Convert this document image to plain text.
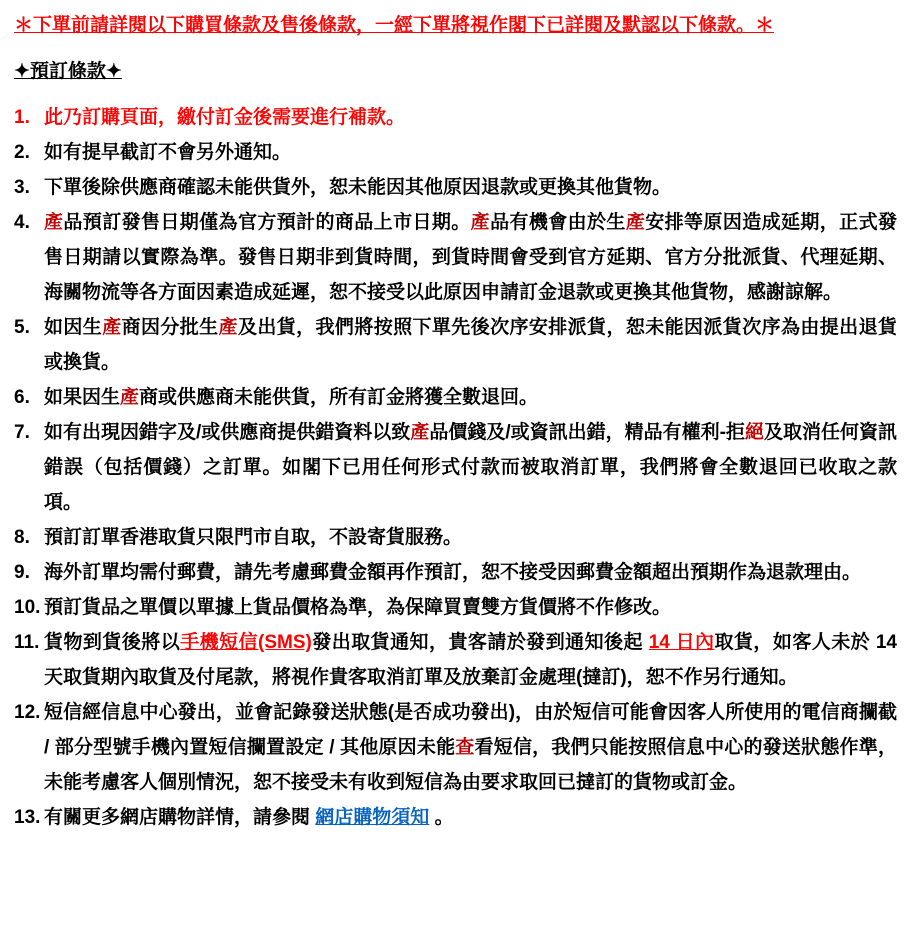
＊下單前請詳閱以下購買條款及售後條款，一經下單將視作閣下已詳閱及默認以下條款。＊
✦預訂條款✦
1. 此乃訂購頁面，繳付訂金後需要進行補款。
2. 如有提早截訂不會另外通知。
3. 下單後除供應商確認未能供貨外，恕未能因其他原因退款或更換其他貨物。
4. 產品預訂發售日期僅為官方預計的商品上市日期。產品有機會由於生產安排等原因造成延期，正式發售日期請以實際為準。發售日期非到貨時間，到貨時間會受到官方延期、官方分批派貨、代理延期、海關物流等各方面因素造成延遲，恕不接受以此原因申請訂金退款或更換其他貨物，感謝諒解。
5. 如因生產商因分批生產及出貨，我們將按照下單先後次序安排派貨，恕未能因派貨次序為由提出退貨或換貨。
6. 如果因生產商或供應商未能供貨，所有訂金將獲全數退回。
7. 如有出現因錯字及/或供應商提供錯資料以致產品價錢及/或資訊出錯，精品有權利-拒絕及取消任何資訊錯誤（包括價錢）之訂單。如閣下已用任何形式付款而被取消訂單，我們將會全數退回已收取之款項。
8. 預訂訂單香港取貨只限門市自取，不設寄貨服務。
9. 海外訂單均需付郵費，請先考慮郵費金額再作預訂，恕不接受因郵費金額超出預期作為退款理由。
10. 預訂貨品之單價以單據上貨品價格為準，為保障買賣雙方貨價將不作修改。
11. 貨物到貨後將以手機短信(SMS)發出取貨通知，貴客請於發到通知後起 14 日內取貨，如客人未於 14 天取貨期內取貨及付尾款，將視作貴客取消訂單及放棄訂金處理(撻訂)，恕不作另行通知。
12. 短信經信息中心發出，並會記錄發送狀態(是否成功發出)，由於短信可能會因客人所使用的電信商攔截 / 部分型號手機內置短信攔置設定 / 其他原因未能查看短信，我們只能按照信息中心的發送狀態作準，未能考慮客人個別情況，恕不接受未有收到短信為由要求取回已撻訂的貨物或訂金。
13. 有關更多網店購物詳情，請參閱 網店購物須知 。
